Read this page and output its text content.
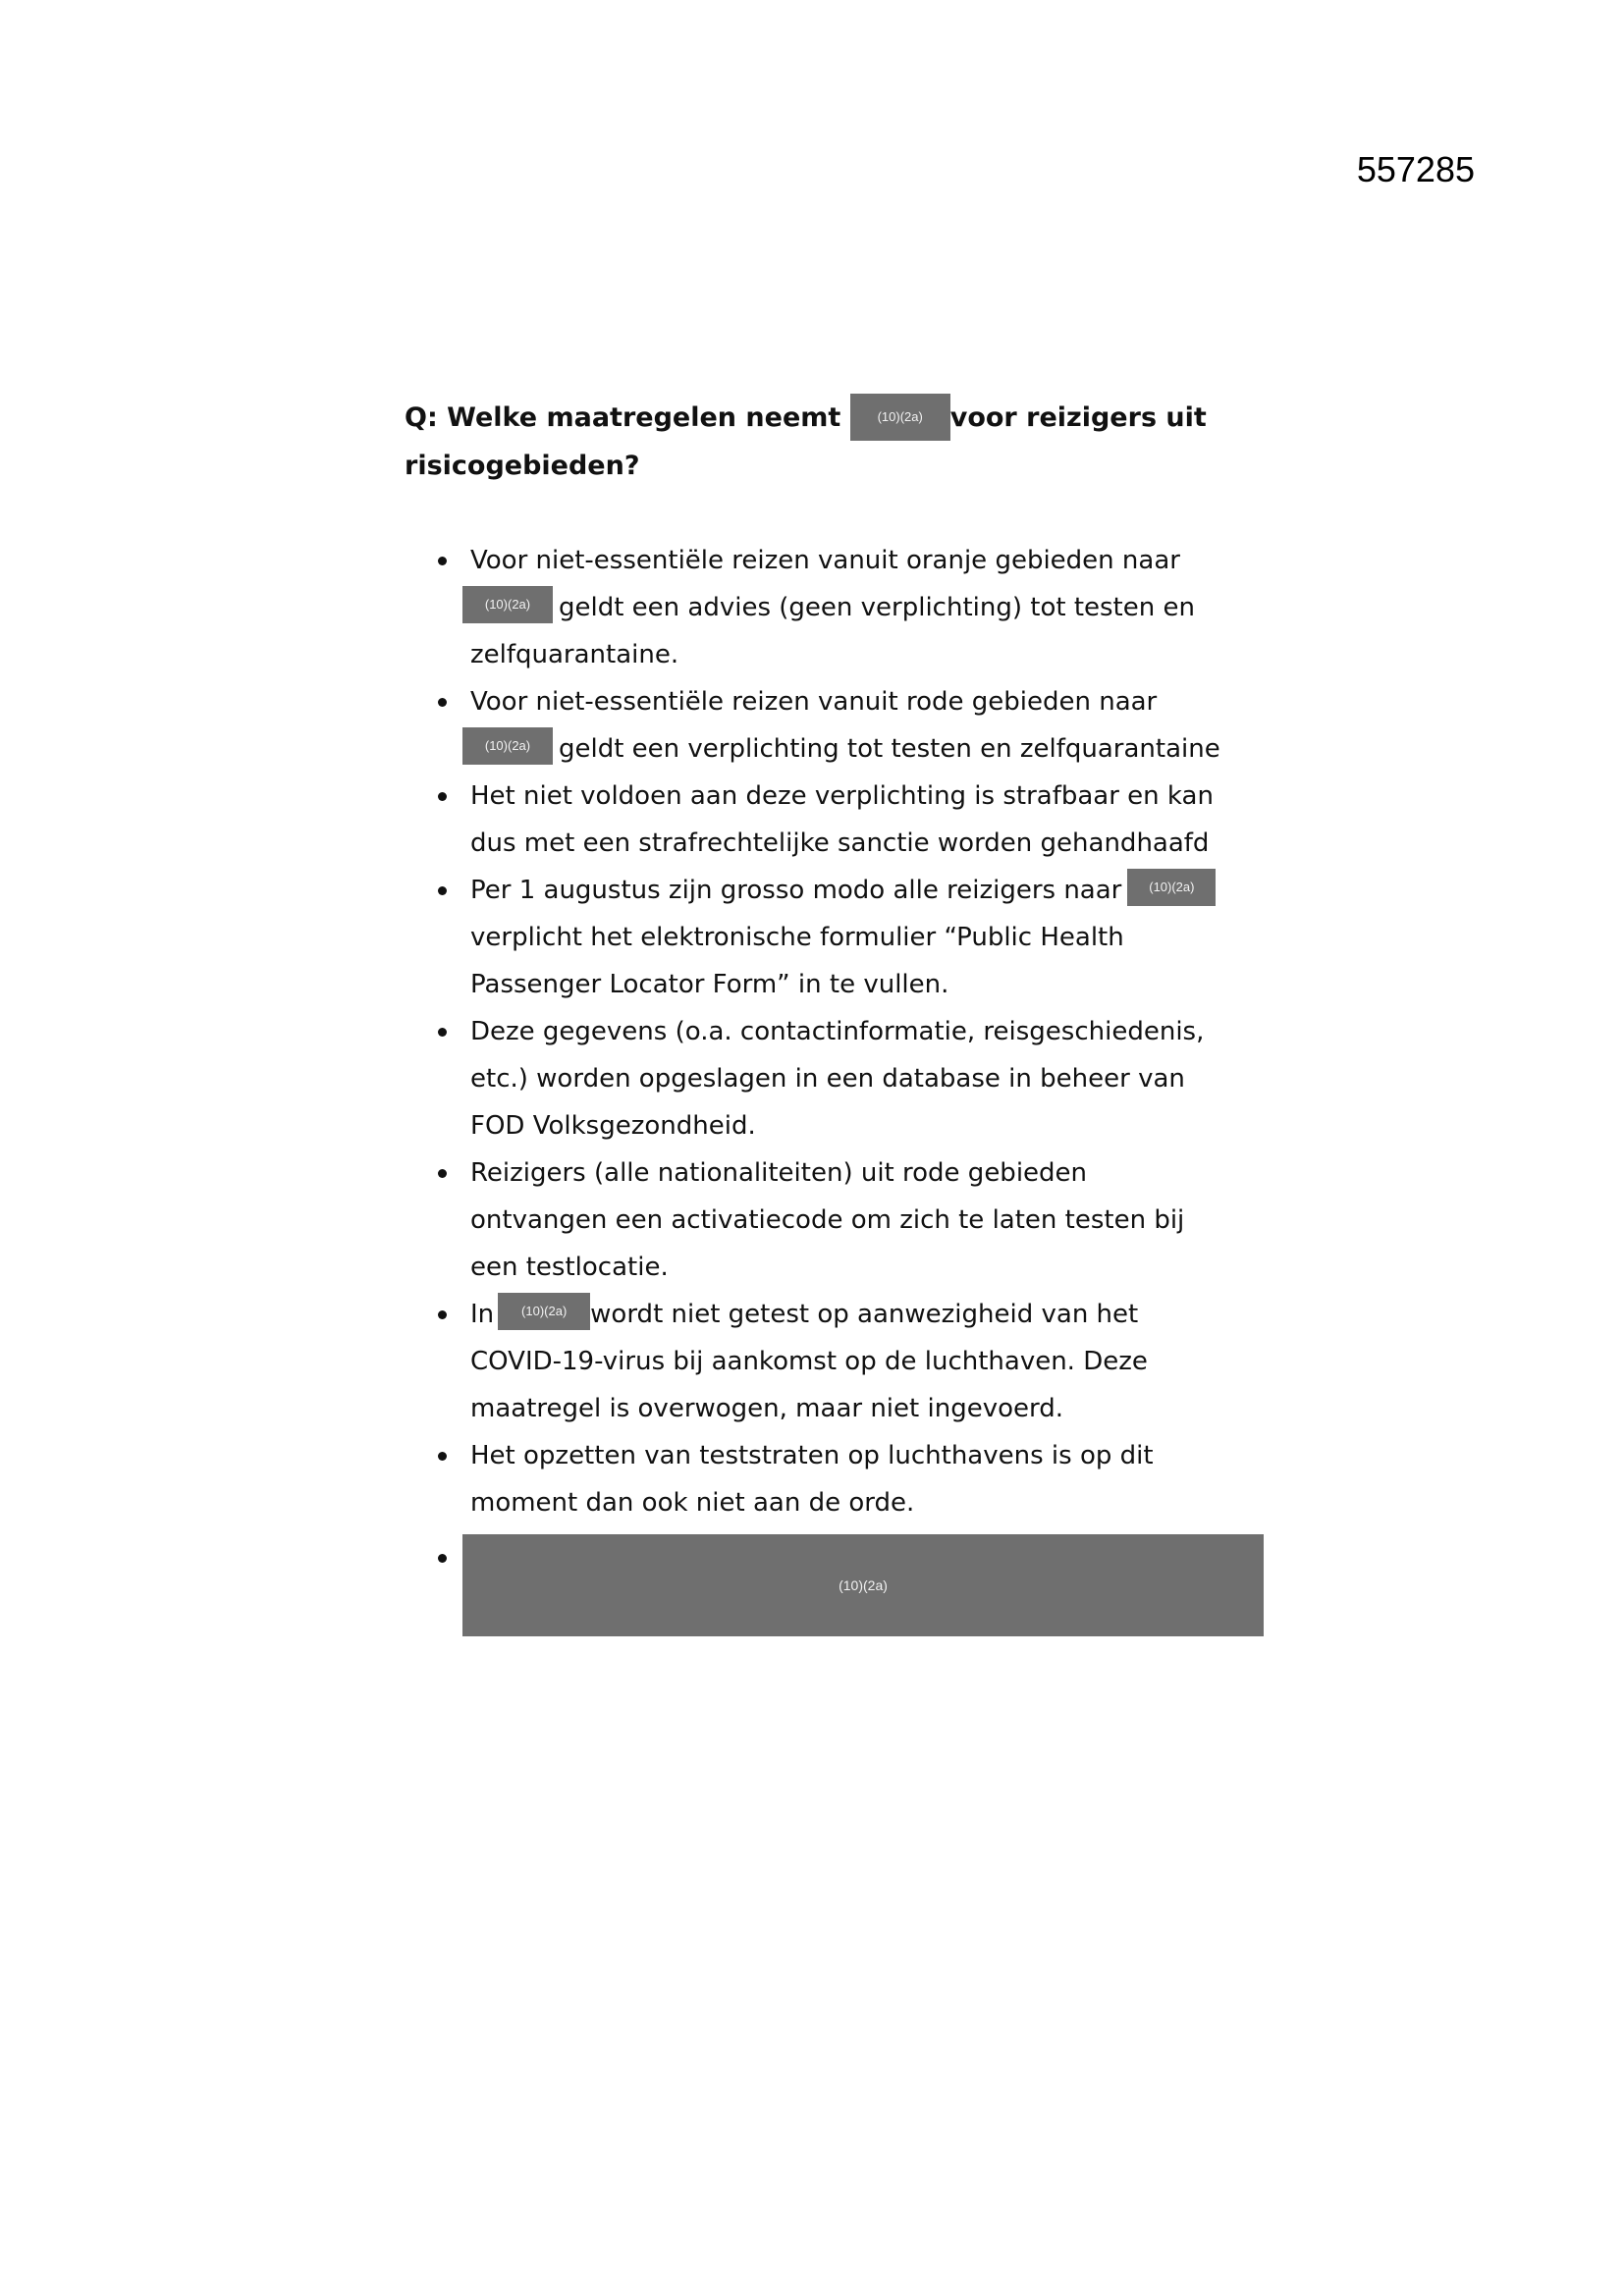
557285

Q: Welke maatregelen neemt	(10)(2a) voor reizigers uit
risicogebieden?

Voor niet-essentiële reizen vanuit oranje gebieden naar
(10)(2a) geldt een advies (geen verplichting) tot testen en
zelfquarantaine.
Voor niet-essentiële reizen vanuit rode gebieden naar
(10)(2a) geldt een verplichting tot testen en zelfquarantaine
Het niet voldoen aan deze verplichting is strafbaar en kan
dus met een strafrechtelijke sanctie worden gehandhaafd
Per 1 augustus zijn grosso modo alle reizigers naar (10)(2a)
verplicht het elektronische formulier “Public Health
Passenger Locator Form” in te vullen.
Deze gegevens (o.a. contactinformatie, reisgeschiedenis,
etc.) worden opgeslagen in een database in beheer van
FOD Volksgezondheid.
Reizigers (alle nationaliteiten) uit rode gebieden
ontvangen een activatiecode om zich te laten testen bij
een testlocatie.
In (10)(2a) wordt niet getest op aanwezigheid van het
COVID-19-virus bij aankomst op de luchthaven. Deze
maatregel is overwogen, maar niet ingevoerd.
Het opzetten van teststraten op luchthavens is op dit
moment dan ook niet aan de orde.
(10)(2a)
